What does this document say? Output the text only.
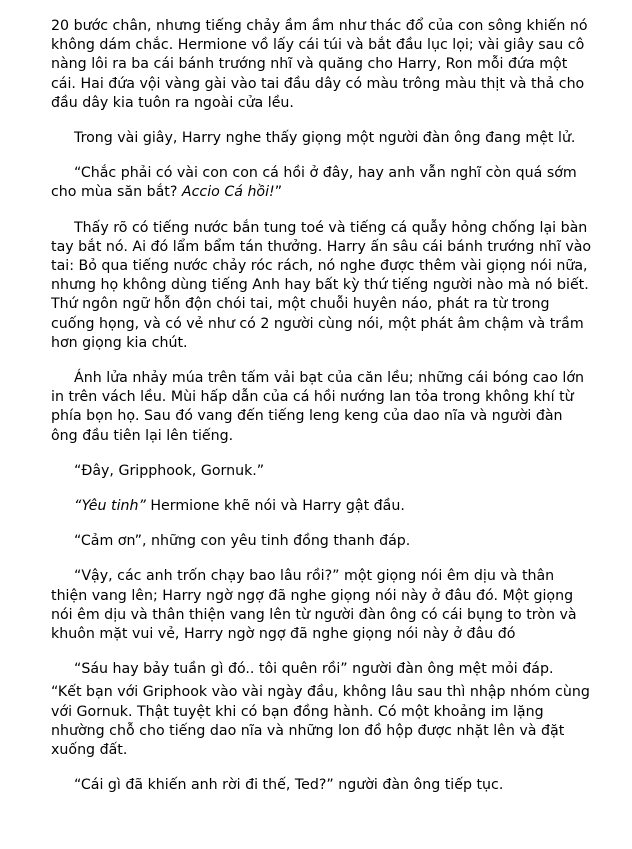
20 bước chân, nhưng tiếng chảy ầm ầm như thác đổ của con sông khiến nó không dám chắc. Hermione vồ lấy cái túi và bắt đầu lục lọi; vài giây sau cô nàng lôi ra ba cái bánh trướng nhĩ và quăng cho Harry, Ron mỗi đứa một cái. Hai đứa vội vàng gài vào tai đầu dây có màu trông màu thịt và thả cho đầu dây kia tuôn ra ngoài cửa lều.

Trong vài giây, Harry nghe thấy giọng một người đàn ông đang mệt lử.

“Chắc phải có vài con con cá hồi ở đây, hay anh vẫn nghĩ còn quá sớm cho mùa săn bắt? Accio Cá hồi!”

Thấy rõ có tiếng nước bắn tung toé và tiếng cá quẫy hỏng chống lại bàn tay bắt nó. Ai đó lẩm bẩm tán thưởng. Harry ấn sâu cái bánh trướng nhĩ vào tai: Bỏ qua tiếng nước chảy róc rách, nó nghe được thêm vài giọng nói nữa, nhưng họ không dùng tiếng Anh hay bất kỳ thứ tiếng người nào mà nó biết. Thứ ngôn ngữ hỗn độn chói tai, một chuỗi huyên náo, phát ra từ trong cuống họng, và có vẻ như có 2 người cùng nói, một phát âm chậm và trầm hơn giọng kia chút.

Ánh lửa nhảy múa trên tấm vải bạt của căn lều; những cái bóng cao lớn in trên vách lều. Mùi hấp dẫn của cá hồi nướng lan tỏa trong không khí từ phía bọn họ. Sau đó vang đến tiếng leng keng của dao nĩa và người đàn ông đầu tiên lại lên tiếng.

“Đây, Gripphook, Gornuk.”

“Yêu tinh” Hermione khẽ nói và Harry gật đầu.

“Cảm ơn”, những con yêu tinh đồng thanh đáp.

“Vậy, các anh trốn chạy bao lâu rồi?” một giọng nói êm dịu và thân thiện vang lên; Harry ngờ ngợ đã nghe giọng nói này ở đâu đó. Một giọng nói êm dịu và thân thiện vang lên từ người đàn ông có cái bụng to tròn và khuôn mặt vui vẻ, Harry ngờ ngợ đã nghe giọng nói này ở đâu đó

“Sáu hay bảy tuần gì đó.. tôi quên rồi” người đàn ông mệt mỏi đáp.

“Kết bạn với Griphook vào vài ngày đầu, không lâu sau thì nhập nhóm cùng với Gornuk. Thật tuyệt khi có bạn đồng hành. Có một khoảng im lặng nhường chỗ cho tiếng dao nĩa và những lon đồ hộp được nhặt lên và đặt xuống đất.

“Cái gì đã khiến anh rời đi thế, Ted?” người đàn ông tiếp tục.
